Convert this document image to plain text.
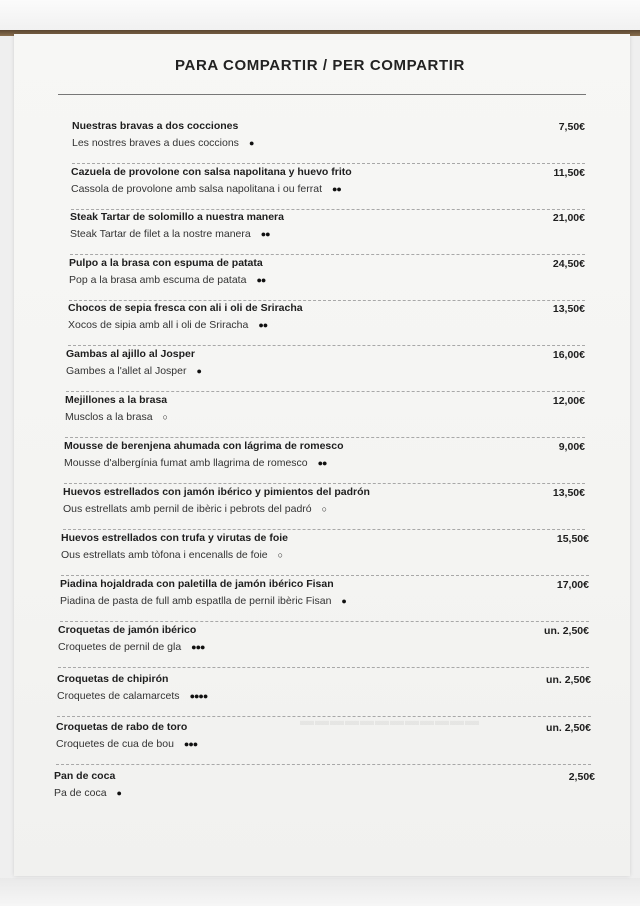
▬▬▬▬▬▬▬▬▬▬▬▬
PARA COMPARTIR / PER COMPARTIR
Nuestras bravas a dos cocciones
Les nostres braves a dues coccions ●
7,50€
Cazuela de provolone con salsa napolitana y huevo frito
Cassola de provolone amb salsa napolitana i ou ferrat ●●
11,50€
Steak Tartar de solomillo a nuestra manera
Steak Tartar de filet a la nostre manera ●●
21,00€
Pulpo a la brasa con espuma de patata
Pop a la brasa amb escuma de patata ●●
24,50€
Chocos de sepia fresca con ali i oli de Sriracha
Xocos de sipia amb all i oli de Sriracha ●●
13,50€
Gambas al ajillo al Josper
Gambes a l'allet al Josper ●
16,00€
Mejillones a la brasa
Musclos a la brasa ○
12,00€
Mousse de berenjena ahumada con lágrima de romesco
Mousse d'albergínia fumat amb llagrima de romesco ●●
9,00€
Huevos estrellados con jamón ibérico y pimientos del padrón
Ous estrellats amb pernil de ibèric i pebrots del padró ○
13,50€
Huevos estrellados con trufa y virutas de foie
Ous estrellats amb tòfona i encenalls de foie ○
15,50€
Piadina hojaldrada con paletilla de jamón ibérico Fisan
Piadina de pasta de full amb espatlla de pernil ibèric Fisan ●
17,00€
Croquetas de jamón ibérico
Croquetes de pernil de gla ●●●
un. 2,50€
Croquetas de chipirón
Croquetes de calamarcets ●●●●
un. 2,50€
Croquetas de rabo de toro
Croquetes de cua de bou ●●●
un. 2,50€
Pan de coca
Pa de coca ●
2,50€
